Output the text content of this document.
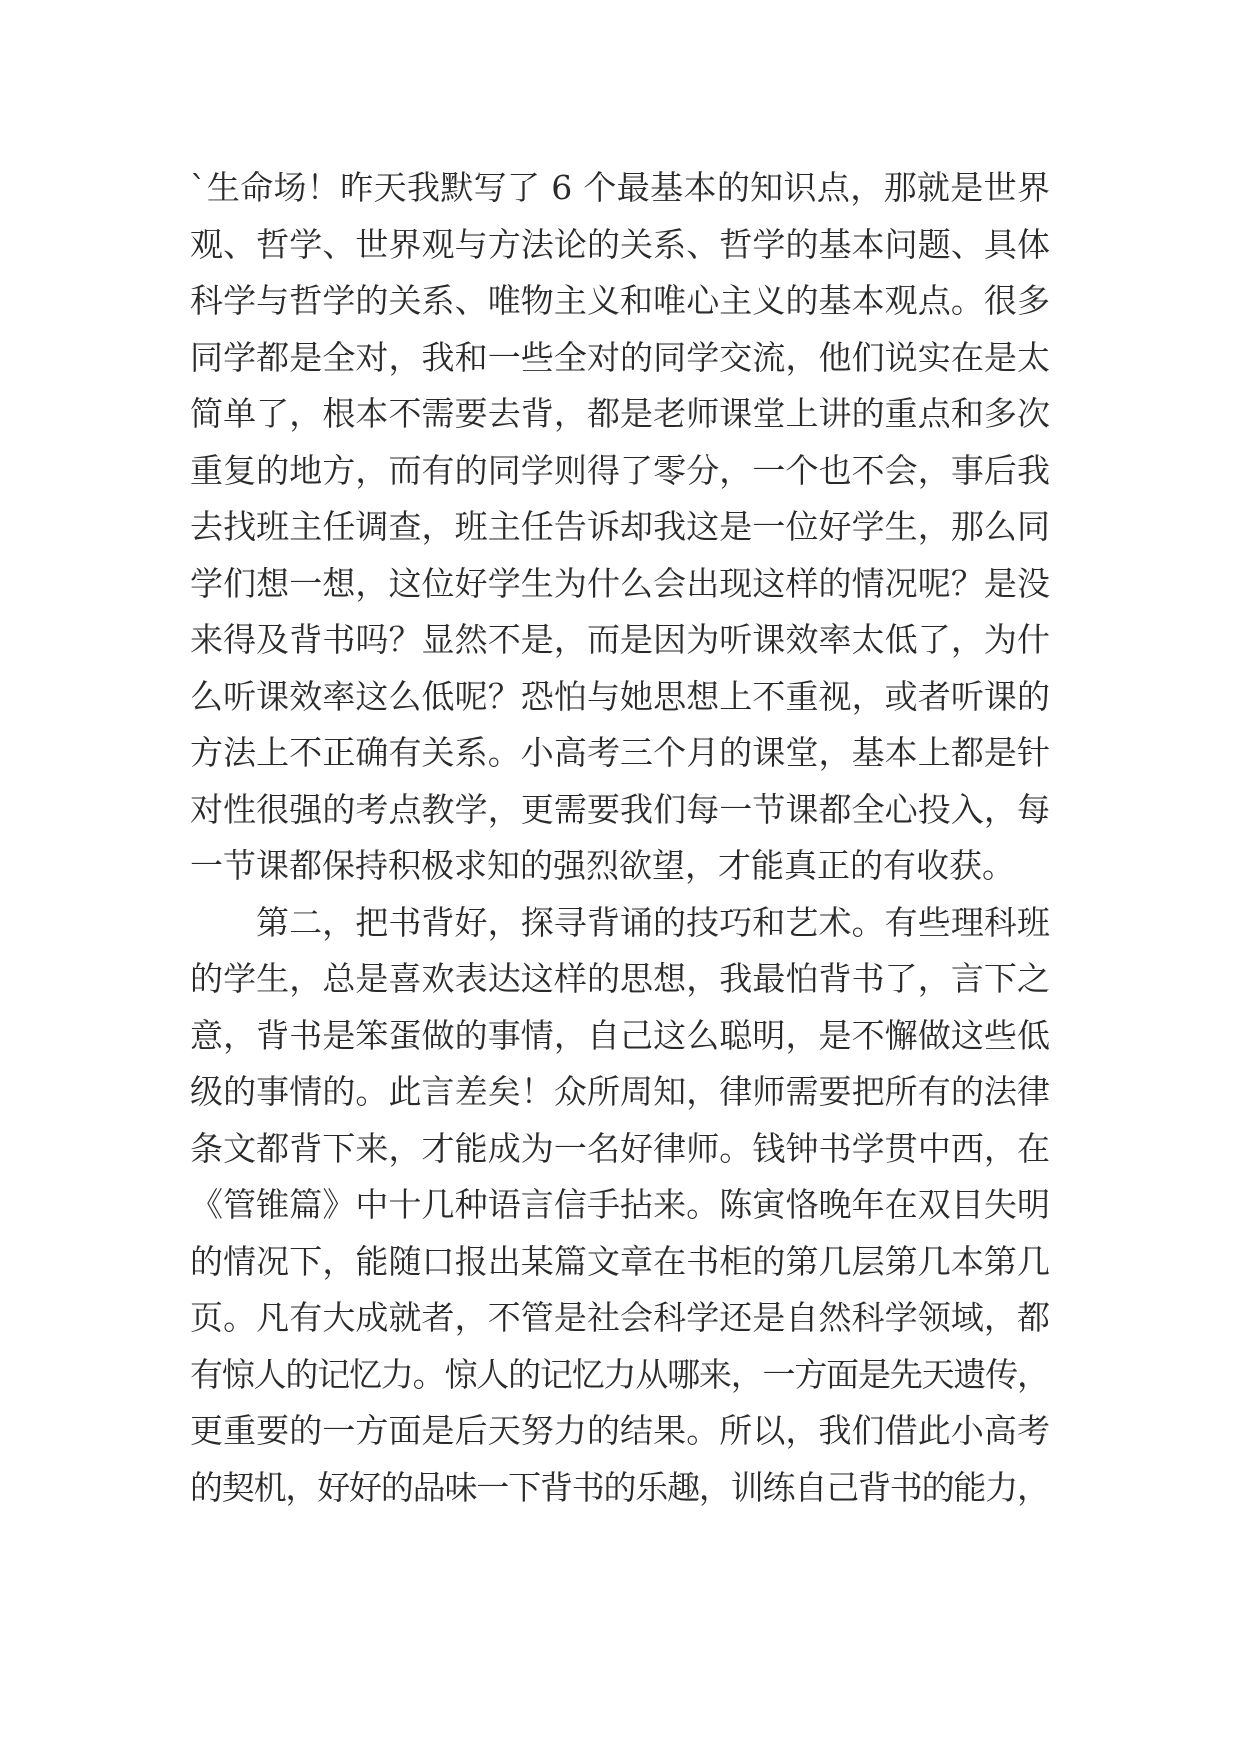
`生命场！昨天我默写了 6 个最基本的知识点，那就是世界
观、哲学、世界观与方法论的关系、哲学的基本问题、具体
科学与哲学的关系、唯物主义和唯心主义的基本观点。很多
同学都是全对，我和一些全对的同学交流，他们说实在是太
简单了，根本不需要去背，都是老师课堂上讲的重点和多次
重复的地方，而有的同学则得了零分，一个也不会，事后我
去找班主任调查，班主任告诉却我这是一位好学生，那么同
学们想一想，这位好学生为什么会出现这样的情况呢？是没
来得及背书吗？显然不是，而是因为听课效率太低了，为什
么听课效率这么低呢？恐怕与她思想上不重视，或者听课的
方法上不正确有关系。小高考三个月的课堂，基本上都是针
对性很强的考点教学，更需要我们每一节课都全心投入，每
一节课都保持积极求知的强烈欲望，才能真正的有收获。
第二，把书背好，探寻背诵的技巧和艺术。有些理科班
的学生，总是喜欢表达这样的思想，我最怕背书了，言下之
意，背书是笨蛋做的事情，自己这么聪明，是不懈做这些低
级的事情的。此言差矣！众所周知，律师需要把所有的法律
条文都背下来，才能成为一名好律师。钱钟书学贯中西，在
《管锥篇》中十几种语言信手拈来。陈寅恪晚年在双目失明
的情况下，能随口报出某篇文章在书柜的第几层第几本第几
页。凡有大成就者，不管是社会科学还是自然科学领域，都
有惊人的记忆力。惊人的记忆力从哪来，一方面是先天遗传，
更重要的一方面是后天努力的结果。所以，我们借此小高考
的契机，好好的品味一下背书的乐趣，训练自己背书的能力，
